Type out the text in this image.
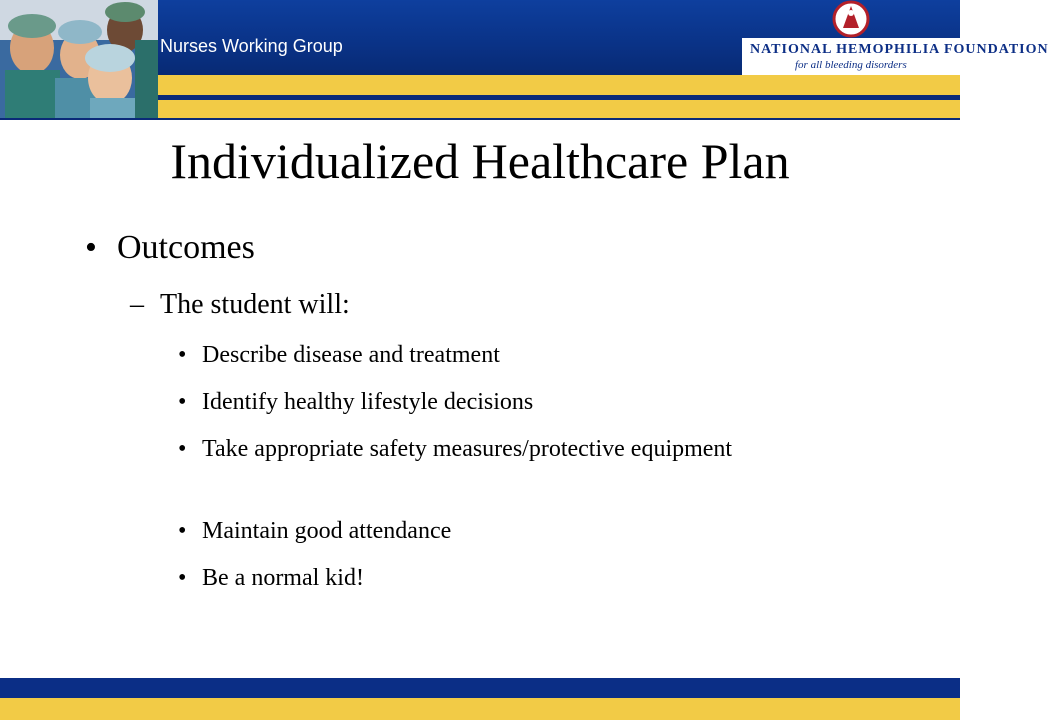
Nurses Working Group	NATIONAL HEMOPHILIA FOUNDATION
for all bleeding disorders
Individualized Healthcare Plan
• Outcomes
– The student will:
• Describe disease and treatment
• Identify healthy lifestyle decisions
• Take appropriate safety measures/protective equipment
• Maintain good attendance
• Be a normal kid!
